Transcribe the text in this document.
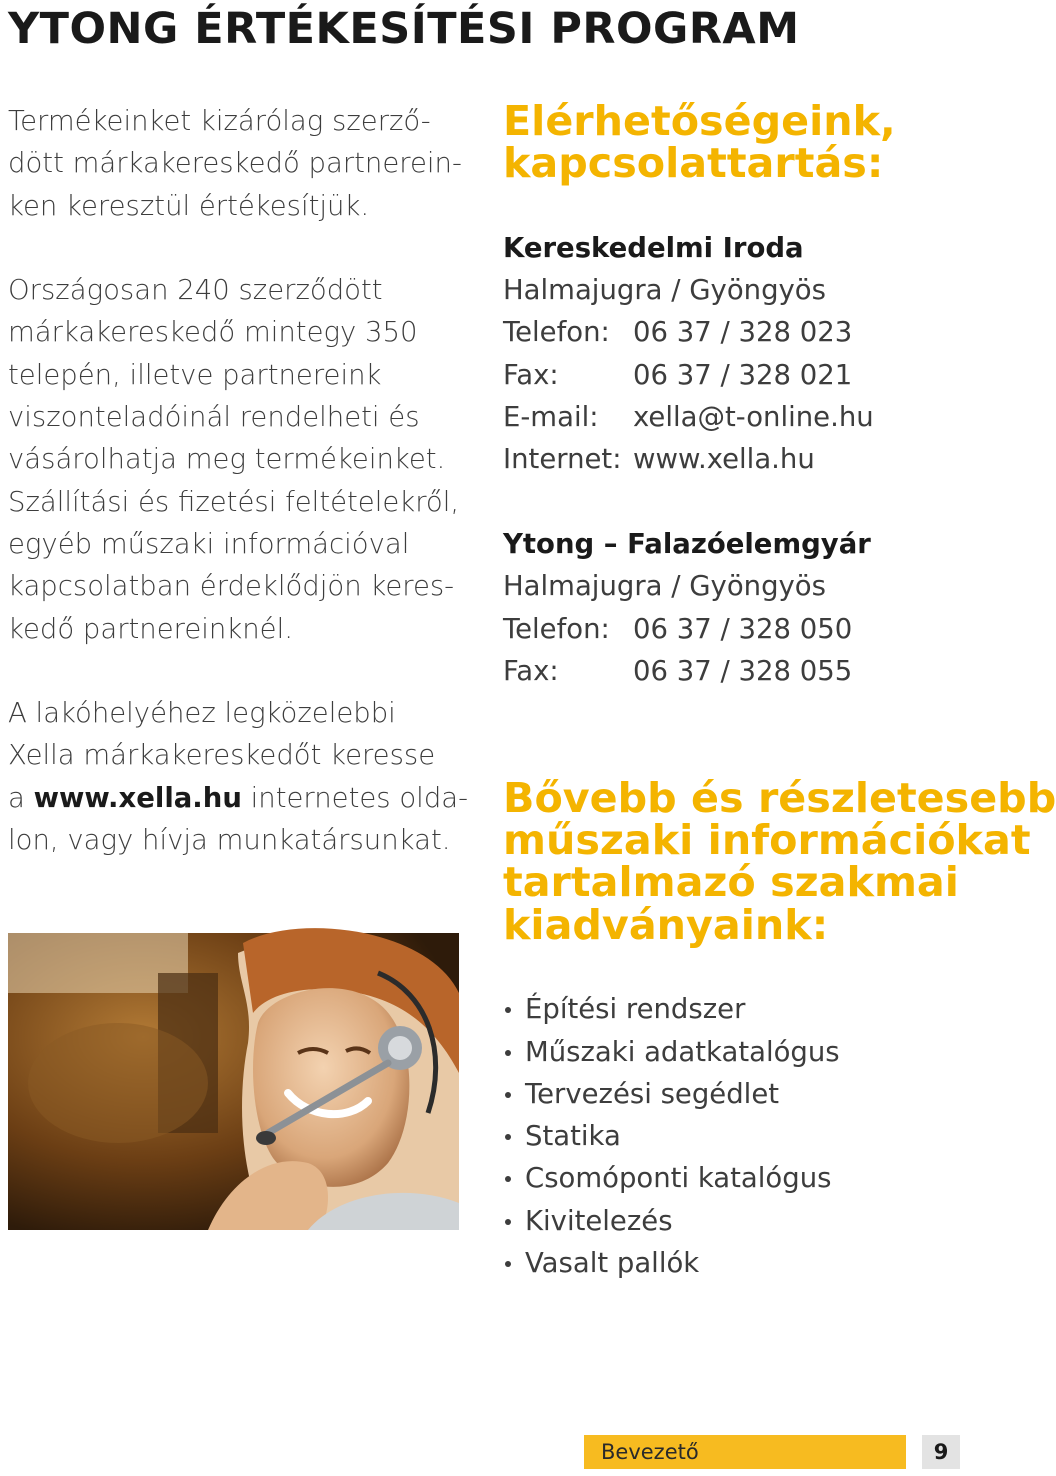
YTONG ÉRTÉKESÍTÉSI PROGRAM

Termékeinket kizárólag szerző-
dött márkakereskedő partnerein-
ken keresztül értékesítjük.

Országosan 240 szerződött
márkakereskedő mintegy 350
telepén, illetve partnereink
viszonteladóinál rendelheti és
vásárolhatja meg termékeinket.
Szállítási és fizetési feltételekről,
egyéb műszaki információval
kapcsolatban érdeklődjön keres-
kedő partnereinknél.

A lakóhelyéhez legközelebbi
Xella márkakereskedőt keresse
a www.xella.hu internetes olda-
lon, vagy hívja munkatársunkat.

Elérhetőségeink,
kapcsolattartás:
Kereskedelmi Iroda
Halmajugra / Gyöngyös
Telefon: 06 37 / 328 023
Fax:	06 37 / 328 021
E-mail:	xella@t-online.hu
Internet: www.xella.hu
Ytong – Falazóelemgyár
Halmajugra / Gyöngyös
Telefon: 06 37 / 328 050
Fax:	06 37 / 328 055
Bővebb és részletesebb
műszaki információkat
tartalmazó szakmai
kiadványaink:
Építési rendszer
Műszaki adatkatalógus
Tervezési segédlet
Statika
Csomóponti katalógus
Kivitelezés
Vasalt pallók
Bevezető	9
